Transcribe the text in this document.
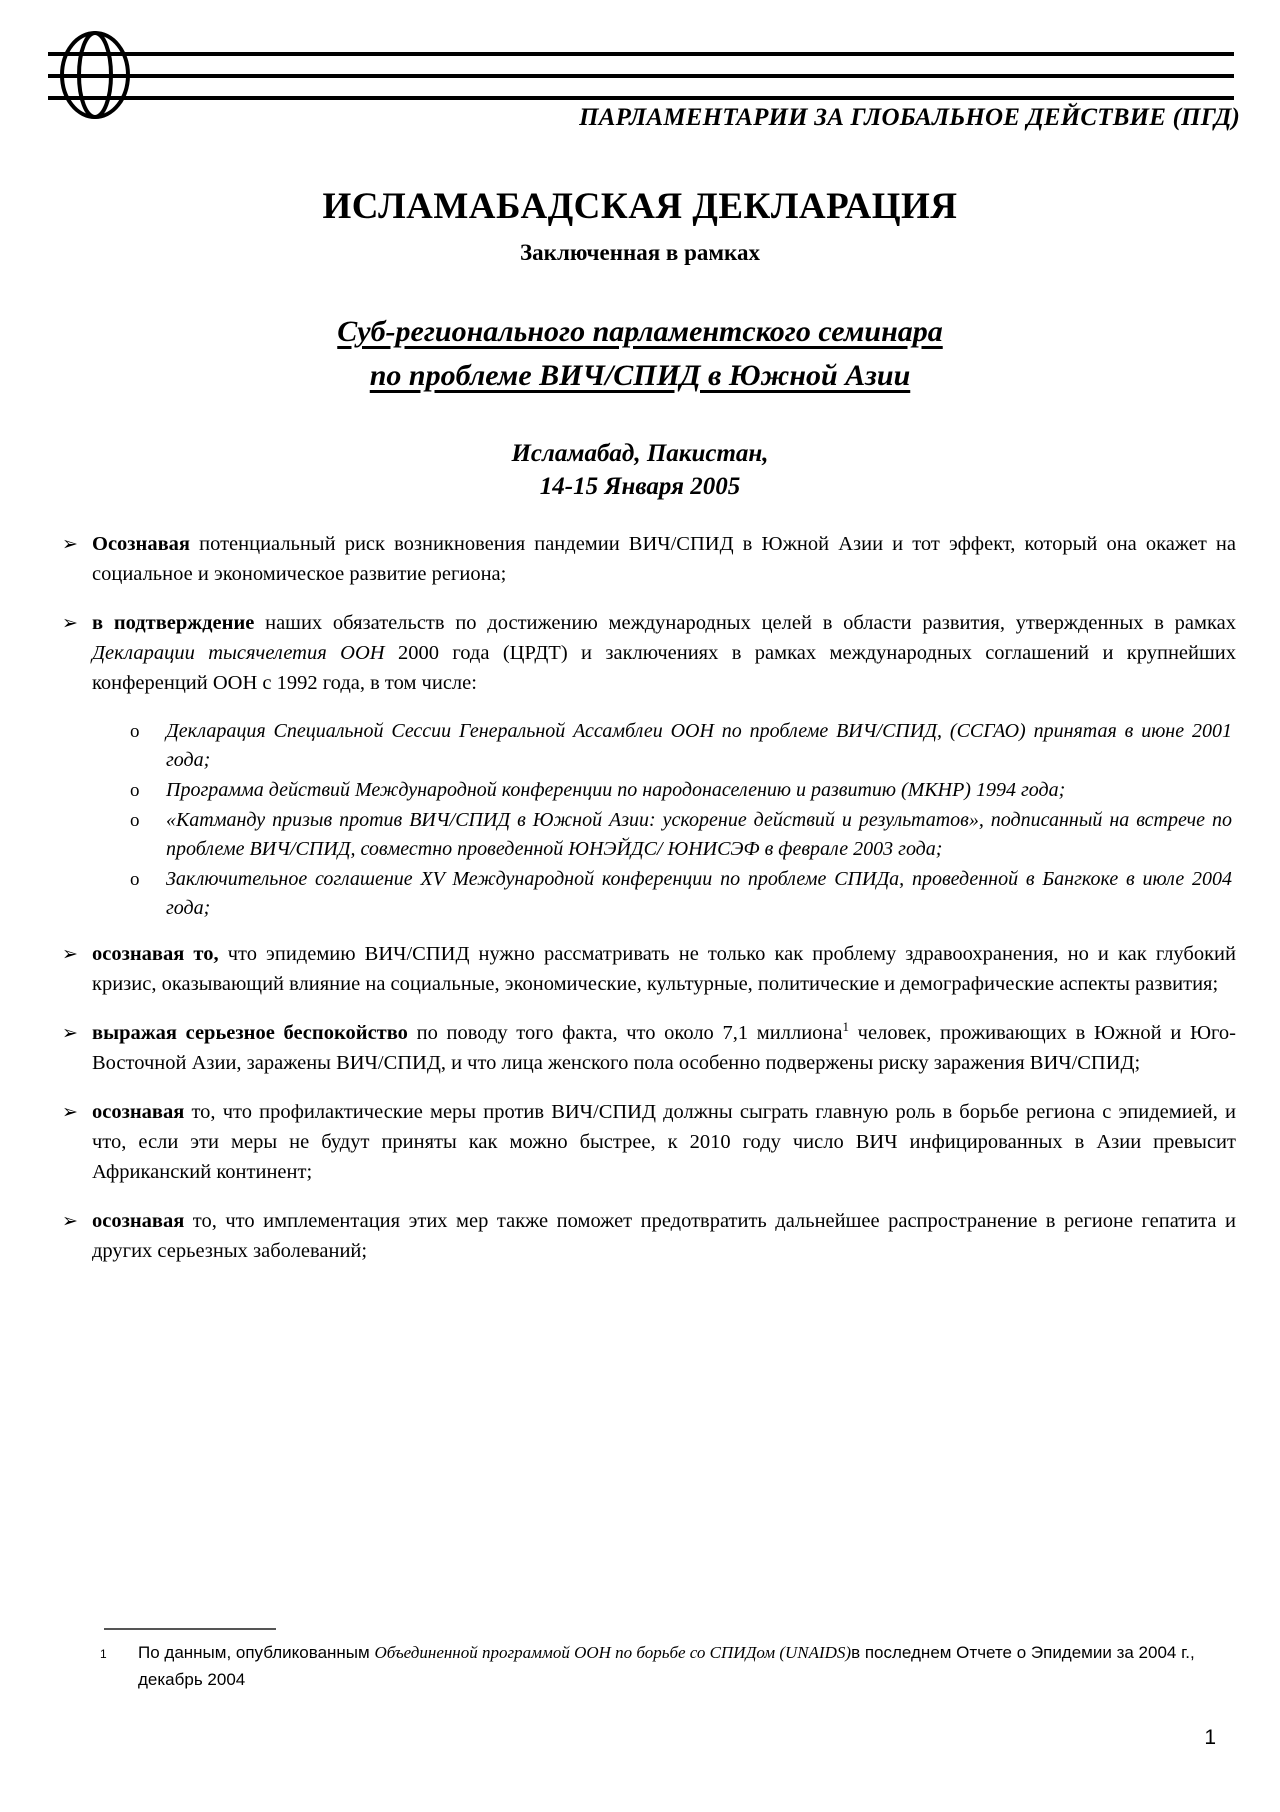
ПАРЛАМЕНТАРИИ ЗА ГЛОБАЛЬНОЕ ДЕЙСТВИЕ (ПГД)
ИСЛАМАБАДСКАЯ ДЕКЛАРАЦИЯ
Заключенная в рамках
Суб-регионального парламентского семинара
по проблеме ВИЧ/СПИД в Южной Азии
Исламабад, Пакистан,
14-15 Января 2005
➢ Осознавая потенциальный риск возникновения пандемии ВИЧ/СПИД в Южной Азии и тот эффект, который она окажет на социальное и экономическое развитие региона;
➢ в подтверждение наших обязательств по достижению международных целей в области развития, утвержденных в рамках Декларации тысячелетия ООН 2000 года (ЦРДТ) и заключениях в рамках международных соглашений и крупнейших конференций ООН с 1992 года, в том числе:
o	Декларация Специальной Сессии Генеральной Ассамблеи ООН по проблеме ВИЧ/СПИД, (ССГАО) принятая в июне 2001 года;
o	Программа действий Международной конференции по народонаселению и развитию (МКНР) 1994 года;
o	«Катманду призыв против ВИЧ/СПИД в Южной Азии: ускорение действий и результатов», подписанный на встрече по проблеме ВИЧ/СПИД, совместно проведенной ЮНЭЙДС/ ЮНИСЭФ в феврале 2003 года;
o	Заключительное соглашение XV Международной конференции по проблеме СПИДа, проведенной в Бангкоке в июле 2004 года;
➢ осознавая то, что эпидемию ВИЧ/СПИД нужно рассматривать не только как проблему здравоохранения, но и как глубокий кризис, оказывающий влияние на социальные, экономические, культурные, политические и демографические аспекты развития;
➢ выражая серьезное беспокойство по поводу того факта, что около 7,1 миллиона$^1$ человек, проживающих в Южной и Юго-Восточной Азии, заражены ВИЧ/СПИД, и что лица женского пола особенно подвержены риску заражения ВИЧ/СПИД;
➢ осознавая то, что профилактические меры против ВИЧ/СПИД должны сыграть главную роль в борьбе региона с эпидемией, и что, если эти меры не будут приняты как можно быстрее, к 2010 году число ВИЧ инфицированных в Азии превысит Африканский континент;
➢ осознавая то, что имплементация этих мер также поможет предотвратить дальнейшее распространение в регионе гепатита и других серьезных заболеваний;
1	По данным, опубликованным Объединенной программой ООН по борьбе со СПИДом (UNAIDS)в последнем Отчете о Эпидемии за 2004 г., декабрь 2004
1
